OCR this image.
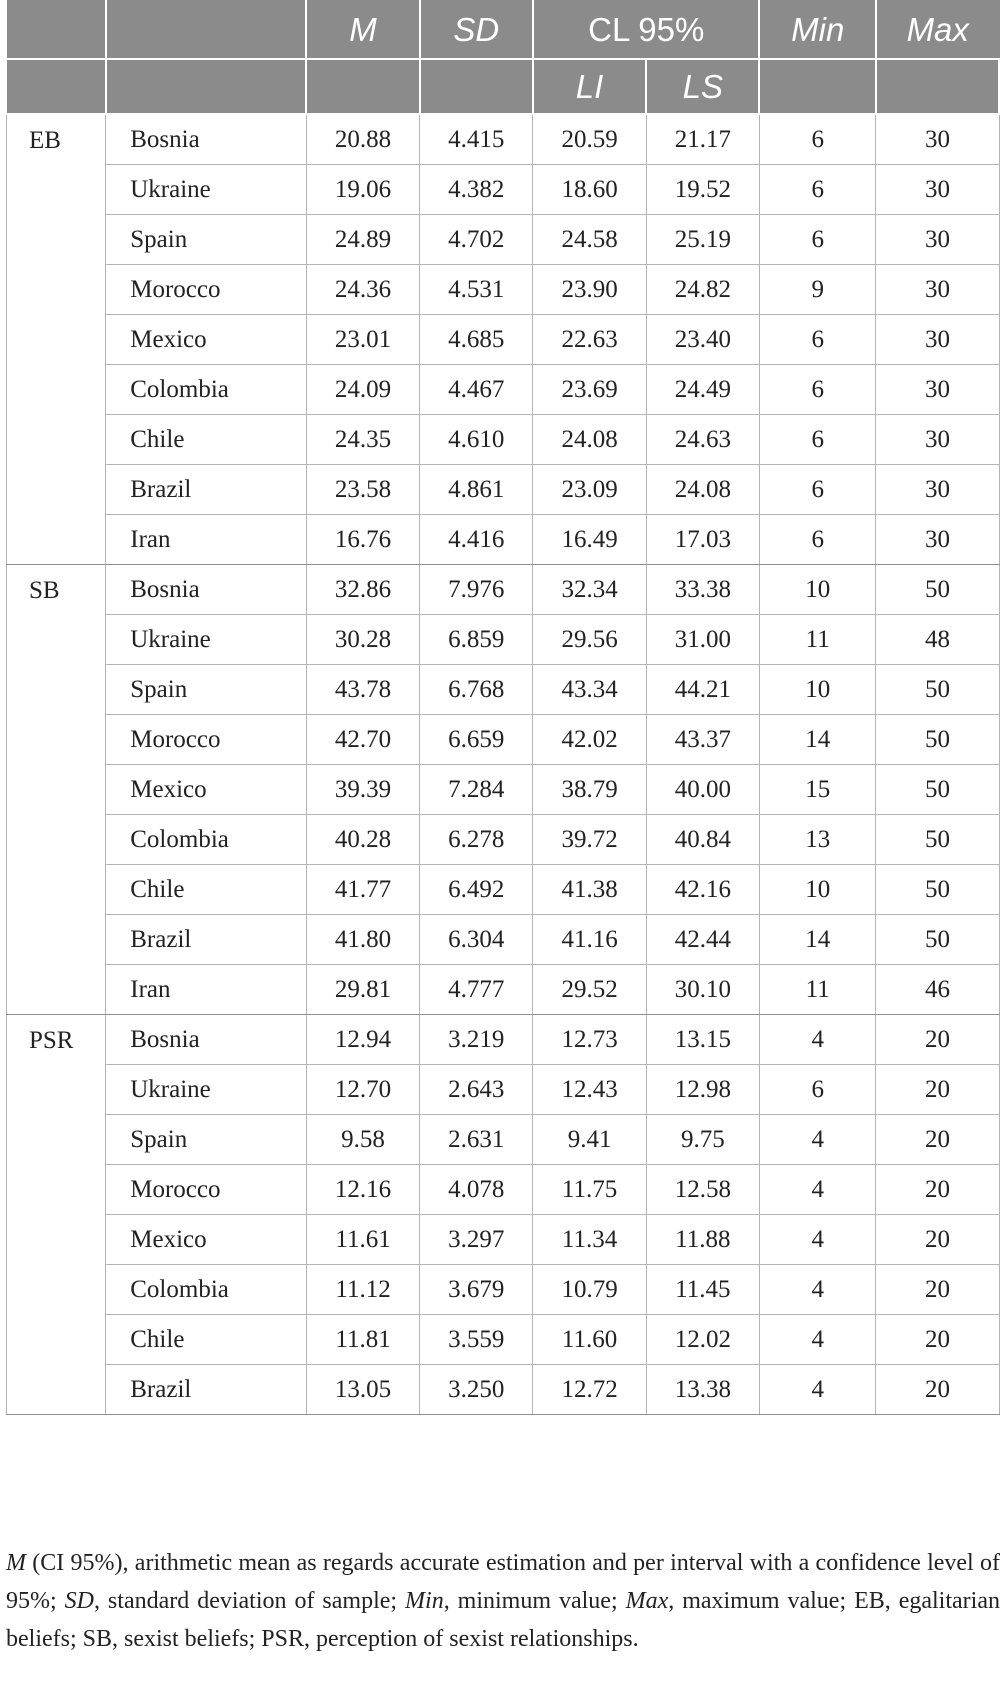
		M	SD	CL 95%		Min	Max
				LI	LS		
EB	Bosnia	20.88	4.415	20.59	21.17	6	30
	Ukraine	19.06	4.382	18.60	19.52	6	30
	Spain	24.89	4.702	24.58	25.19	6	30
	Morocco	24.36	4.531	23.90	24.82	9	30
	Mexico	23.01	4.685	22.63	23.40	6	30
	Colombia	24.09	4.467	23.69	24.49	6	30
	Chile	24.35	4.610	24.08	24.63	6	30
	Brazil	23.58	4.861	23.09	24.08	6	30
	Iran	16.76	4.416	16.49	17.03	6	30
SB	Bosnia	32.86	7.976	32.34	33.38	10	50
	Ukraine	30.28	6.859	29.56	31.00	11	48
	Spain	43.78	6.768	43.34	44.21	10	50
	Morocco	42.70	6.659	42.02	43.37	14	50
	Mexico	39.39	7.284	38.79	40.00	15	50
	Colombia	40.28	6.278	39.72	40.84	13	50
	Chile	41.77	6.492	41.38	42.16	10	50
	Brazil	41.80	6.304	41.16	42.44	14	50
	Iran	29.81	4.777	29.52	30.10	11	46
PSR	Bosnia	12.94	3.219	12.73	13.15	4	20
	Ukraine	12.70	2.643	12.43	12.98	6	20
	Spain	9.58	2.631	9.41	9.75	4	20
	Morocco	12.16	4.078	11.75	12.58	4	20
	Mexico	11.61	3.297	11.34	11.88	4	20
	Colombia	11.12	3.679	10.79	11.45	4	20
	Chile	11.81	3.559	11.60	12.02	4	20
	Brazil	13.05	3.250	12.72	13.38	4	20
M (CI 95%), arithmetic mean as regards accurate estimation and per interval with a confidence level of 95%; SD, standard deviation of sample; Min, minimum value; Max, maximum value; EB, egalitarian beliefs; SB, sexist beliefs; PSR, perception of sexist relationships.
